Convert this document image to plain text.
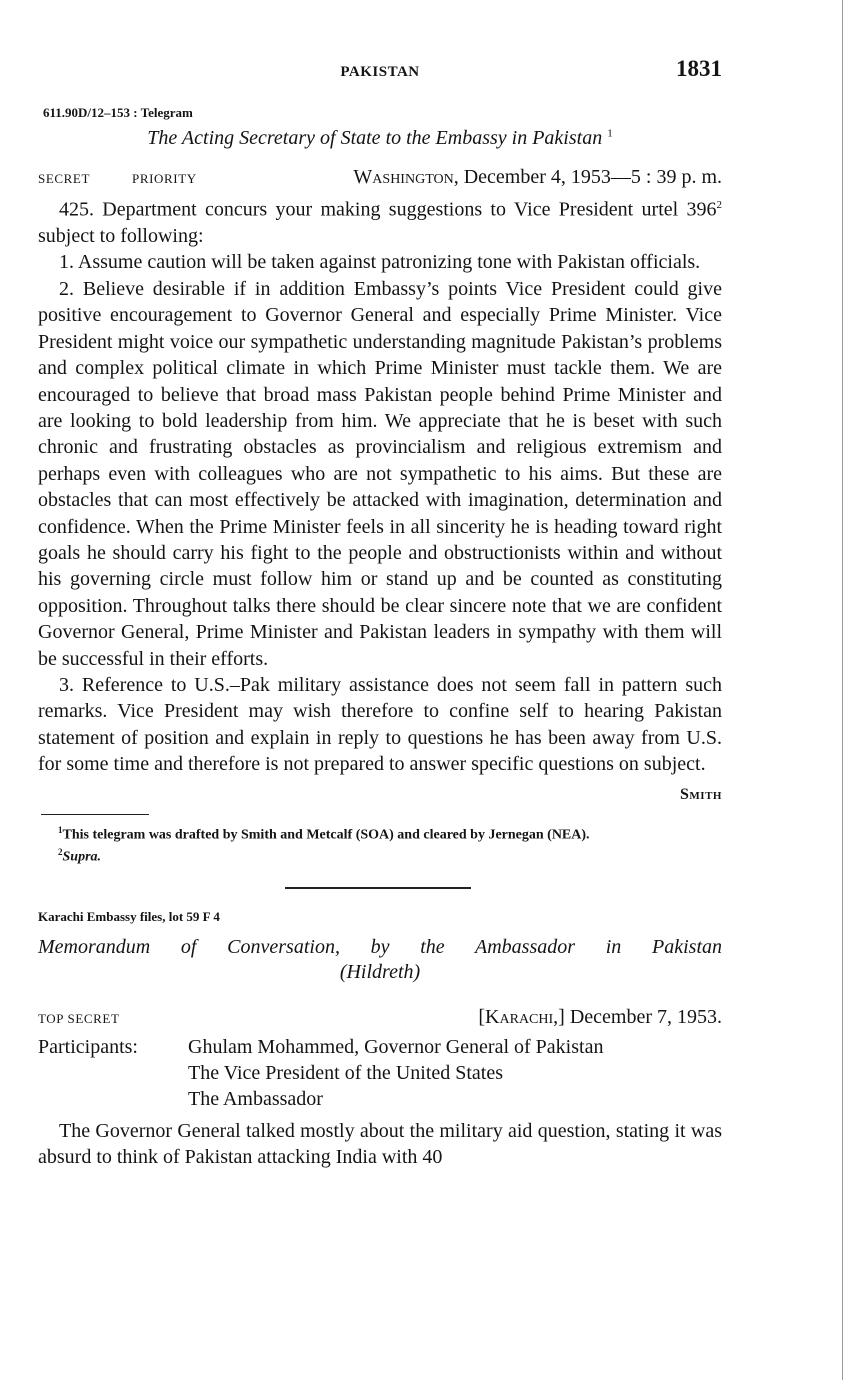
PAKISTAN	1831
611.90D/12–153 : Telegram
The Acting Secretary of State to the Embassy in Pakistan $^1$
SECRET	PRIORITY	Washington, December 4, 1953—5 : 39 p. m.

425. Department concurs your making suggestions to Vice President urtel 396$^2$ subject to following:

1. Assume caution will be taken against patronizing tone with Pakistan officials.

2. Believe desirable if in addition Embassy’s points Vice President could give positive encouragement to Governor General and especially Prime Minister. Vice President might voice our sympathetic understanding magnitude Pakistan’s problems and complex political climate in which Prime Minister must tackle them. We are encouraged to believe that broad mass Pakistan people behind Prime Minister and are looking to bold leadership from him. We appreciate that he is beset with such chronic and frustrating obstacles as provincialism and religious extremism and perhaps even with colleagues who are not sympathetic to his aims. But these are obstacles that can most effectively be attacked with imagination, determination and confidence. When the Prime Minister feels in all sincerity he is heading toward right goals he should carry his fight to the people and obstructionists within and without his governing circle must follow him or stand up and be counted as constituting opposition. Throughout talks there should be clear sincere note that we are confident Governor General, Prime Minister and Pakistan leaders in sympathy with them will be successful in their efforts.

3. Reference to U.S.–Pak military assistance does not seem fall in pattern such remarks. Vice President may wish therefore to confine self to hearing Pakistan statement of position and explain in reply to questions he has been away from U.S. for some time and therefore is not prepared to answer specific questions on subject.

Smith
$^1$This telegram was drafted by Smith and Metcalf (SOA) and cleared by Jernegan (NEA).
$^2$Supra.
Karachi Embassy files, lot 59 F 4
Memorandum of Conversation, by the Ambassador in Pakistan
(Hildreth)
TOP SECRET	[Karachi,] December 7, 1953.
Participants:	Ghulam Mohammed, Governor General of Pakistan
The Vice President of the United States
The Ambassador

The Governor General talked mostly about the military aid question, stating it was absurd to think of Pakistan attacking India with 40
